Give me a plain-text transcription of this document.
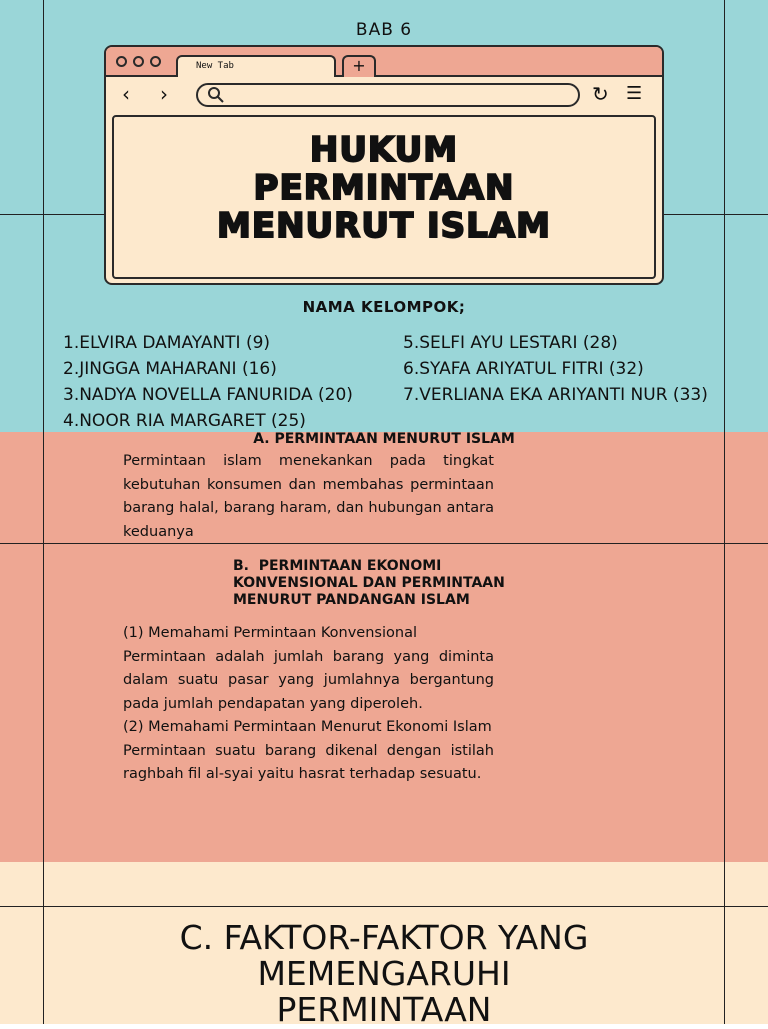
BAB 6
New Tab	+
‹ ›	↻ ☰
HUKUM
PERMINTAAN
MENURUT ISLAM
NAMA KELOMPOK;
1.ELVIRA DAMAYANTI (9)
2.JINGGA MAHARANI (16)
3.NADYA NOVELLA FANURIDA (20)
4.NOOR RIA MARGARET (25)
5.SELFI AYU LESTARI (28)
6.SYAFA ARIYATUL FITRI (32)
7.VERLIANA EKA ARIYANTI NUR (33)
A. PERMINTAAN MENURUT ISLAM
Permintaan islam menekankan pada tingkat kebutuhan konsumen dan membahas permintaan barang halal, barang haram, dan hubungan antara keduanya
B.  PERMINTAAN EKONOMI
KONVENSIONAL DAN PERMINTAAN
MENURUT PANDANGAN ISLAM
(1) Memahami Permintaan Konvensional
Permintaan adalah jumlah barang yang diminta dalam suatu pasar yang jumlahnya bergantung pada jumlah pendapatan yang diperoleh.
(2) Memahami Permintaan Menurut Ekonomi Islam
Permintaan suatu barang dikenal dengan istilah raghbah fil al-syai yaitu hasrat terhadap sesuatu.
C. FAKTOR-FAKTOR YANG
MEMENGARUHI
PERMINTAAN
